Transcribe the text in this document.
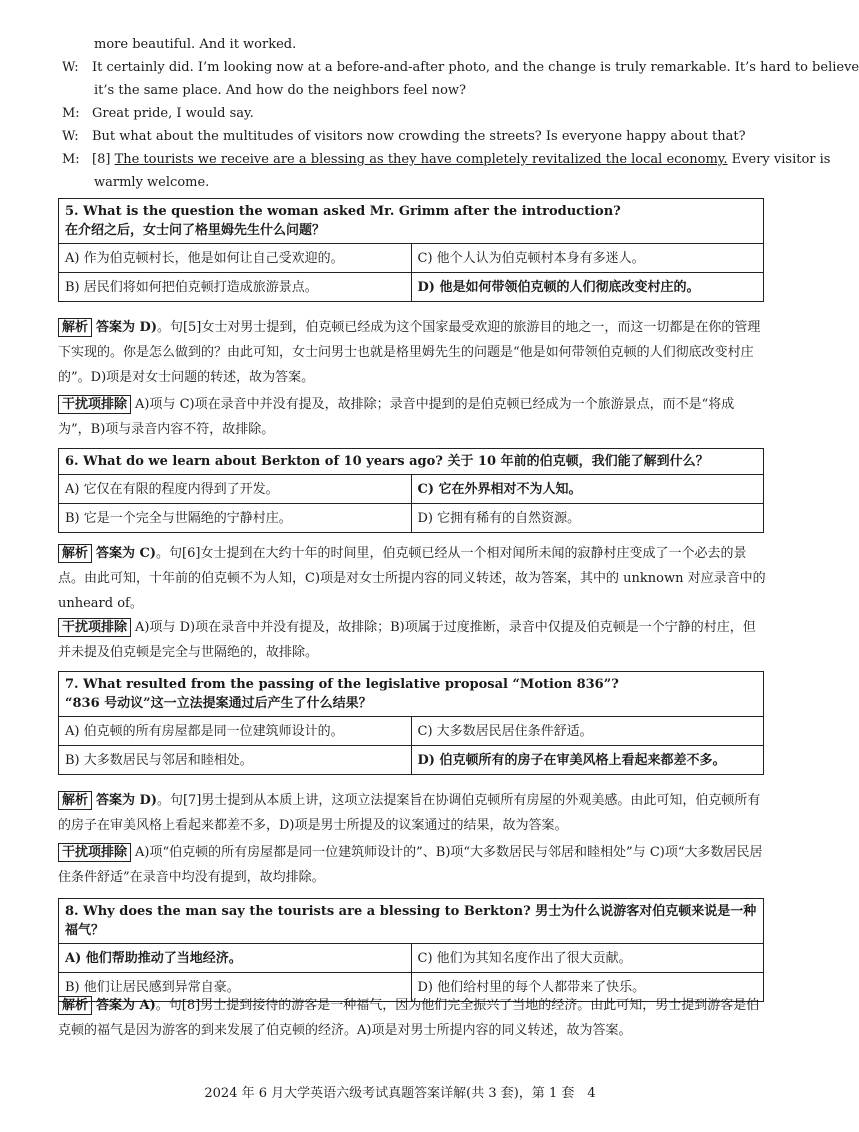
more beautiful. And it worked.
W: It certainly did. I’m looking now at a before-and-after photo, and the change is truly remarkable. It’s hard to believe
it’s the same place. And how do the neighbors feel now?
M: Great pride, I would say.
W: But what about the multitudes of visitors now crowding the streets? Is everyone happy about that?
M: [8] The tourists we receive are a blessing as they have completely revitalized the local economy. Every visitor is
warmly welcome.
5. What is the question the woman asked Mr. Grimm after the introduction?
在介绍之后，女士问了格里姆先生什么问题？	

A) 作为伯克顿村长，他是如何让自己受欢迎的。	C) 他个人认为伯克顿村本身有多迷人。
B) 居民们将如何把伯克顿打造成旅游景点。	D) 他是如何带领伯克顿的人们彻底改变村庄的。
解析 答案为 D)。句[5]女士对男士提到，伯克顿已经成为这个国家最受欢迎的旅游目的地之一，而这一切都是在你的管理下实现的。你是怎么做到的？由此可知，女士问男士也就是格里姆先生的问题是“他是如何带领伯克顿的人们彻底改变村庄的”。D)项是对女士问题的转述，故为答案。
干扰项排除 A)项与 C)项在录音中并没有提及，故排除；录音中提到的是伯克顿已经成为一个旅游景点，而不是“将成为”，B)项与录音内容不符，故排除。
6. What do we learn about Berkton of 10 years ago? 关于 10 年前的伯克顿，我们能了解到什么？	
A) 它仅在有限的程度内得到了开发。	C) 它在外界相对不为人知。
B) 它是一个完全与世隔绝的宁静村庄。	D) 它拥有稀有的自然资源。
解析 答案为 C)。句[6]女士提到在大约十年的时间里，伯克顿已经从一个相对闻所未闻的寂静村庄变成了一个必去的景点。由此可知，十年前的伯克顿不为人知，C)项是对女士所提内容的同义转述，故为答案，其中的 unknown 对应录音中的 unheard of。
干扰项排除 A)项与 D)项在录音中并没有提及，故排除；B)项属于过度推断，录音中仅提及伯克顿是一个宁静的村庄，但并未提及伯克顿是完全与世隔绝的，故排除。
7. What resulted from the passing of the legislative proposal “Motion 836”?
“836 号动议”这一立法提案通过后产生了什么结果？	

A) 伯克顿的所有房屋都是同一位建筑师设计的。	C) 大多数居民居住条件舒适。
B) 大多数居民与邻居和睦相处。	D) 伯克顿所有的房子在审美风格上看起来都差不多。
解析 答案为 D)。句[7]男士提到从本质上讲，这项立法提案旨在协调伯克顿所有房屋的外观美感。由此可知，伯克顿所有的房子在审美风格上看起来都差不多，D)项是男士所提及的议案通过的结果，故为答案。
干扰项排除 A)项“伯克顿的所有房屋都是同一位建筑师设计的”、B)项“大多数居民与邻居和睦相处”与 C)项“大多数居民居住条件舒适”在录音中均没有提到，故均排除。
8. Why does the man say the tourists are a blessing to Berkton? 男士为什么说游客对伯克顿来说是一种福气？	
A) 他们帮助推动了当地经济。	C) 他们为其知名度作出了很大贡献。
B) 他们让居民感到异常自豪。	D) 他们给村里的每个人都带来了快乐。
解析 答案为 A)。句[8]男士提到接待的游客是一种福气，因为他们完全振兴了当地的经济。由此可知，男士提到游客是伯克顿的福气是因为游客的到来发展了伯克顿的经济。A)项是对男士所提内容的同义转述，故为答案。
2024 年 6 月大学英语六级考试真题答案详解(共 3 套)，第 1 套　4
